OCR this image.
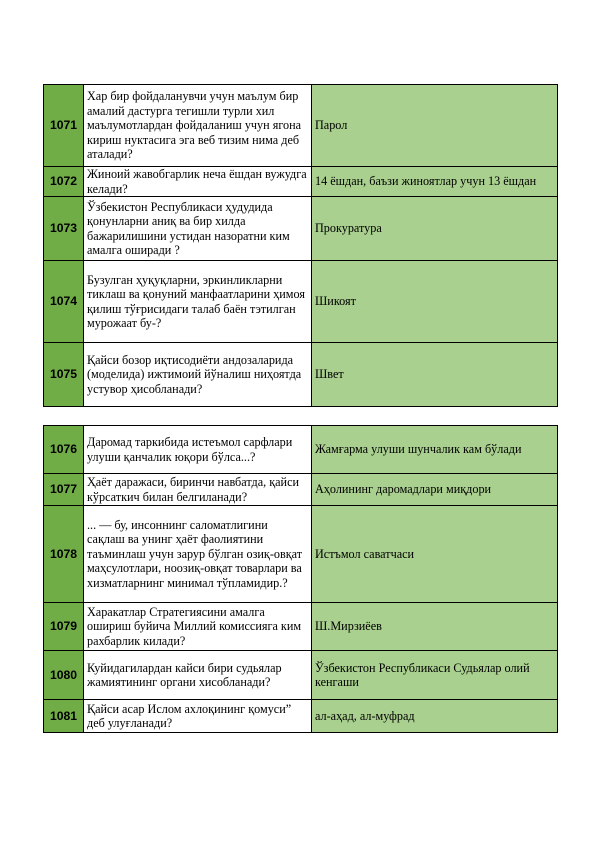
1071	Хар бир фойдаланувчи учун маълум бир амалий дастурга тегишли турли хил маълумотлардан фойдаланиш учун ягона кириш нуктасига эга веб тизим нима деб аталади?	Парол
1072	Жиноий жавобгарлик неча ёшдан вужудга келади?	14 ёшдан, баъзи жиноятлар учун 13 ёшдан
1073	Ўзбекистон Республикаси ҳудудида қонунларни аниқ ва бир хилда бажарилишини устидан назоратни ким амалга оширади ?	Прокуратура
1074	Бузулган ҳуқуқларни, эркинликларни тиклаш ва қонуний манфаатларини ҳимоя қилиш тўғрисидаги талаб баён тэтилган мурожаат бу-?	Шикоят
1075	Қайси бозор иқтисодиёти андозаларида (моделида) ижтимоий йўналиш ниҳоятда устувор ҳисобланади?	Швет
1076	Даромад таркибида истеъмол сарфлари улуши қанчалик юқори бўлса...?	Жамғарма улуши шунчалик кам бўлади
1077	Ҳаёт даражаси, биринчи навбатда, қайси кўрсаткич билан белгиланади?	Аҳолининг даромадлари миқдори
1078	... — бу, инсоннинг саломатлигини сақлаш ва унинг ҳаёт фаолиятини таъминлаш учун зарур бўлган озиқ-овқат маҳсулотлари, ноозиқ-овқат товарлари ва хизматларнинг минимал тўпламидир.?	Истъмол саватчаси
1079	Харакатлар Стратегиясини амалга ошириш буйича Миллий комиссияга ким рахбарлик килади?	Ш.Мирзиёев
1080	Куйидагилардан кайси бири судьялар жамиятининг органи хисобланади?	Ўзбекистон Республикаси Судьялар олий кенгаши
1081	Қайси асар Ислом ахлоқининг қомуси” деб улуғланади?	ал-аҳад, ал-муфрад
